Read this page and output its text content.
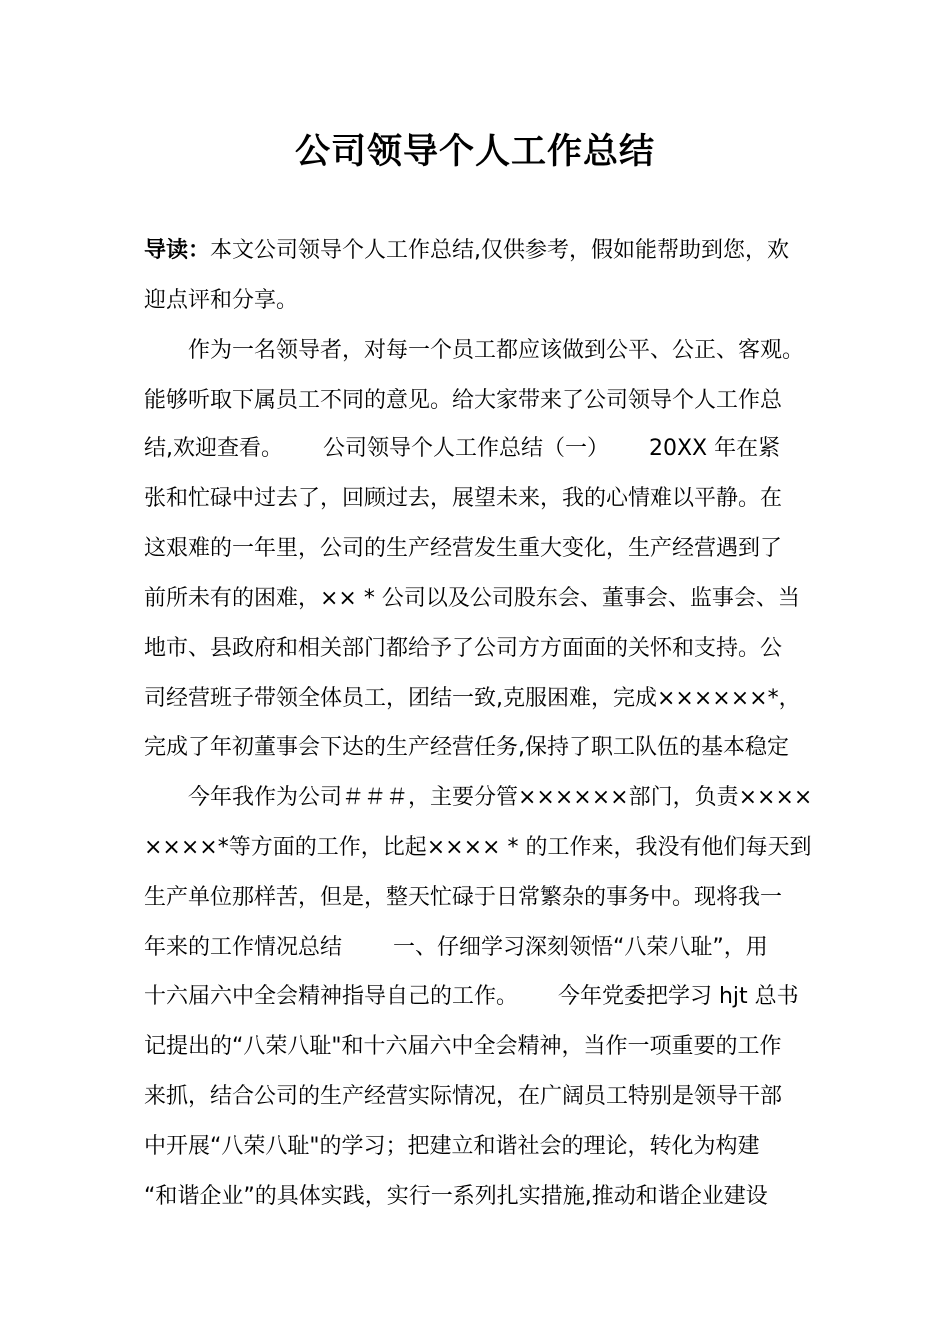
公司领导个人工作总结
导读：本文公司领导个人工作总结,仅供参考，假如能帮助到您，欢
迎点评和分享。
　　作为一名领导者，对每一个员工都应该做到公平、公正、客观。
能够听取下属员工不同的意见。给大家带来了公司领导个人工作总
结,欢迎查看。　　 公司领导个人工作总结（一）　　 20XX 年在紧
张和忙碌中过去了，回顾过去，展望未来，我的心情难以平静。在
这艰难的一年里，公司的生产经营发生重大变化，生产经营遇到了
前所未有的困难，×× * 公司以及公司股东会、董事会、监事会、当
地市、县政府和相关部门都给予了公司方方面面的关怀和支持。公
司经营班子带领全体员工，团结一致,克服困难，完成××××××*，
完成了年初董事会下达的生产经营任务,保持了职工队伍的基本稳定
　　今年我作为公司＃＃＃，主要分管××××××部门，负责××××
××××*等方面的工作，比起×××× * 的工作来，我没有他们每天到
生产单位那样苦，但是，整天忙碌于日常繁杂的事务中。现将我一
年来的工作情况总结　　 一、仔细学习深刻领悟“八荣八耻”，用
十六届六中全会精神指导自己的工作。　　 今年党委把学习 hjt 总书
记提出的“八荣八耻"和十六届六中全会精神，当作一项重要的工作
来抓，结合公司的生产经营实际情况，在广阔员工特别是领导干部
中开展“八荣八耻"的学习；把建立和谐社会的理论，转化为构建
“和谐企业”的具体实践，实行一系列扎实措施,推动和谐企业建设
